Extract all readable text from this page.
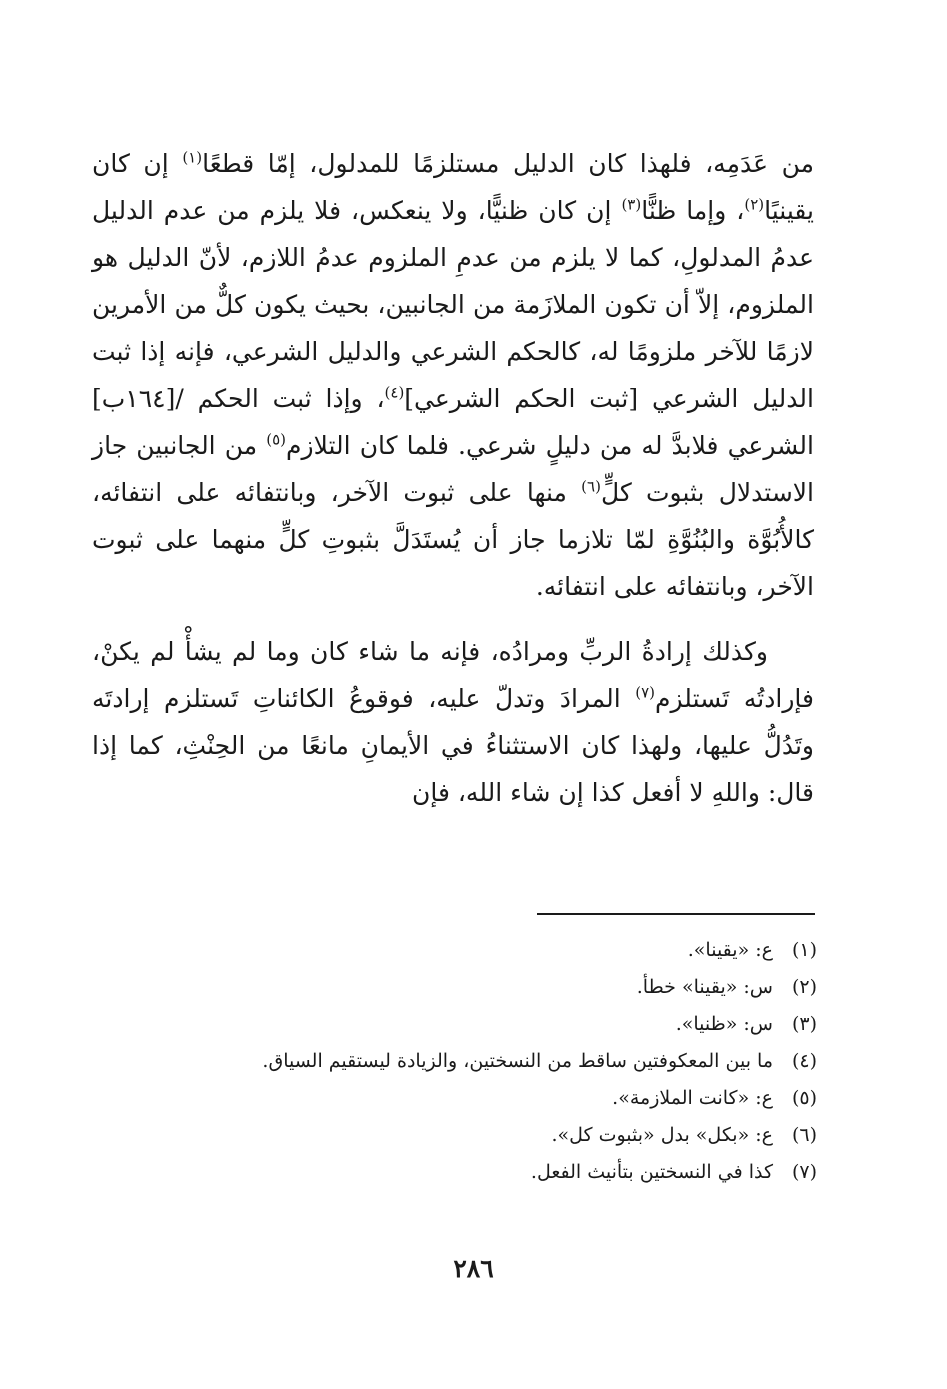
من عَدَمِه، فلهذا كان الدليل مستلزمًا للمدلول، إمّا قطعًا$^{(١)}$ إن كان يقينيًا$^{(٢)}$، وإما ظنًّا$^{(٣)}$ إن كان ظنيًّا، ولا ينعكس، فلا يلزم من عدم الدليل عدمُ المدلولِ، كما لا يلزم من عدمِ الملزوم عدمُ اللازم، لأنّ الدليل هو الملزوم، إلاّ أن تكون الملازَمة من الجانبين، بحيث يكون كلٌّ من الأمرين لازمًا للآخر ملزومًا له، كالحكم الشرعي والدليل الشرعي، فإنه إذا ثبت الدليل الشرعي [ثبت الحكم الشرعي]$^{(٤)}$، وإذا ثبت الحكم /[١٦٤ب] الشرعي فلابدَّ له من دليلٍ شرعي. فلما كان التلازم$^{(٥)}$ من الجانبين جاز الاستدلال بثبوت كلٍّ$^{(٦)}$ منها على ثبوت الآخر، وبانتفائه على انتفائه، كالأُبُوَّة والبُنُوَّةِ لمّا تلازما جاز أن يُستَدَلَّ بثبوتِ كلٍّ منهما على ثبوت الآخر، وبانتفائه على انتفائه.

وكذلك إرادةُ الربِّ ومرادُه، فإنه ما شاء كان وما لم يشأْ لم يكنْ، فإرادتُه تَستلزم$^{(٧)}$ المرادَ وتدلّ عليه، فوقوعُ الكائناتِ تَستلزم إرادتَه وتَدُلُّ عليها، ولهذا كان الاستثناءُ في الأيمانِ مانعًا من الحِنْثِ، كما إذا قال: واللهِ لا أفعل كذا إن شاء الله، فإن

(١)ع: «يقينا».
(٢)س: «يقينا» خطأ.
(٣)س: «ظنيا».
(٤)ما بين المعكوفتين ساقط من النسختين، والزيادة ليستقيم السياق.
(٥)ع: «كانت الملازمة».
(٦)ع: «بكل» بدل «بثبوت كل».
(٧)كذا في النسختين بتأنيث الفعل.
٢٨٦
